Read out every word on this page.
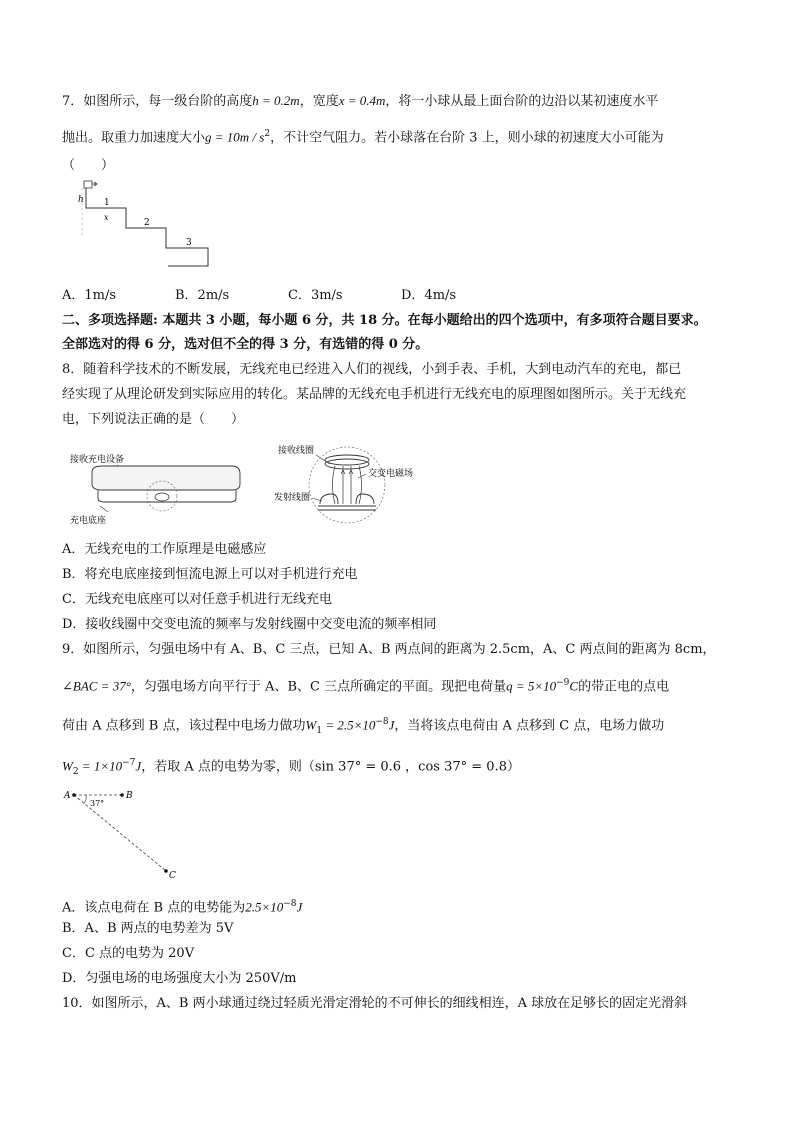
7．如图所示，每一级台阶的高度h = 0.2m，宽度x = 0.4m，将一小球从最上面台阶的边沿以某初速度水平
抛出。取重力加速度大小$g = 10m / s^2$，不计空气阻力。若小球落在台阶 3 上，则小球的初速度大小可能为
（　　）
h 1
x
2
3
A．1m/s	B．2m/s	C．3m/s	D．4m/s
二、多项选择题: 本题共 3 小题，每小题 6 分，共 18 分。在每小题给出的四个选项中，有多项符合题目要求。
全部选对的得 6 分，选对但不全的得 3 分，有选错的得 0 分。
8．随着科学技术的不断发展，无线充电已经进入人们的视线，小到手表、手机，大到电动汽车的充电，都已
经实现了从理论研发到实际应用的转化。某品牌的无线充电手机进行无线充电的原理图如图所示。关于无线充
电，下列说法正确的是（　　）
接收充电设备
充电底座
接收线圈
交变电磁场
发射线圈
A．无线充电的工作原理是电磁感应
B．将充电底座接到恒流电源上可以对手机进行充电
C．无线充电底座可以对任意手机进行无线充电
D．接收线圈中交变电流的频率与发射线圈中交变电流的频率相同
9．如图所示，匀强电场中有 A、B、C 三点，已知 A、B 两点间的距离为 2.5cm，A、C 两点间的距离为 8cm，
∠BAC = 37°，匀强电场方向平行于 A、B、C 三点所确定的平面。现把电荷量$q = 5\times 10^{-9}C$的带正电的点电
荷由 A 点移到 B 点，该过程中电场力做功$W_1 = 2.5\times 10^{-8}J$，当将该点电荷由 A 点移到 C 点，电场力做功
$W_2 = 1\times 10^{-7}J$，若取 A 点的电势为零，则（sin 37° = 0.6 ，cos 37° = 0.8）
A	B
C
37°
A．该点电荷在 B 点的电势能为$2.5\times 10^{-8}J$
B．A、B 两点的电势差为 5V
C．C 点的电势为 20V
D．匀强电场的电场强度大小为 250V/m
10．如图所示，A、B 两小球通过绕过轻质光滑定滑轮的不可伸长的细线相连，A 球放在足够长的固定光滑斜
